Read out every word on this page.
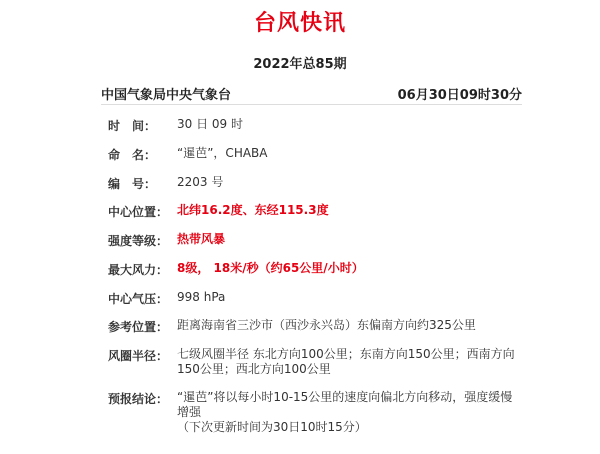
台风快讯
2022年总85期
中国气象局中央气象台	06月30日09时30分
时　间： 30 日 09 时
命　名： “暹芭”，CHABA
编　号： 2203 号
中心位置： 北纬16.2度、东经115.3度
强度等级： 热带风暴
最大风力： 8级， 18米/秒（约65公里/小时）
中心气压： 998 hPa
参考位置： 距离海南省三沙市（西沙永兴岛）东偏南方向约325公里
风圈半径： 七级风圈半径 东北方向100公里；东南方向150公里；西南方向150公里；西北方向100公里
预报结论： “暹芭”将以每小时10-15公里的速度向偏北方向移动，强度缓慢增强
（下次更新时间为30日10时15分）
